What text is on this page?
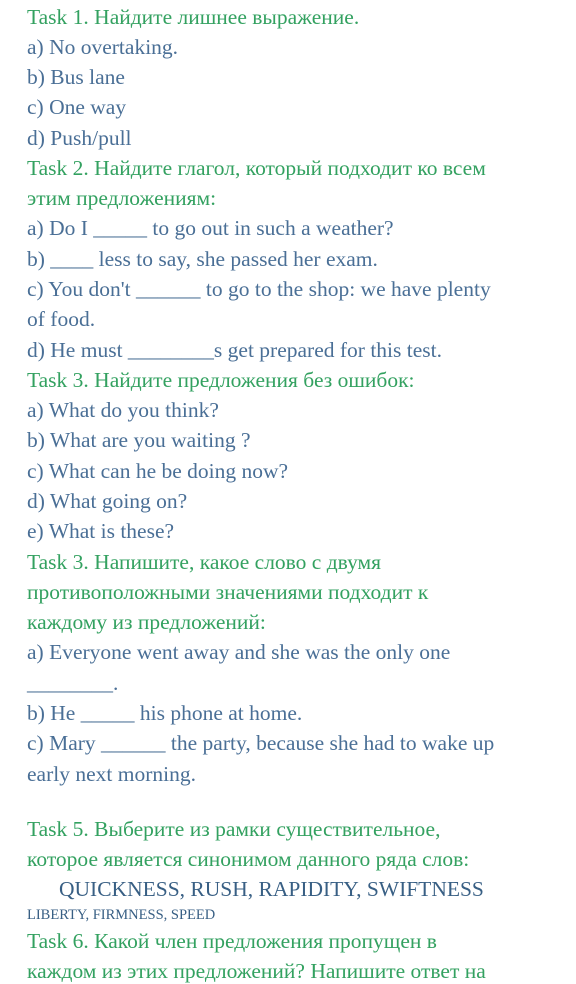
Task 1. Найдите лишнее выражение.
a) No overtaking.
b) Bus lane
c) One way
d) Push/pull
Task 2. Найдите глагол, который подходит ко всем
этим предложениям:
a) Do I _____ to go out in such a weather?
b) ____ less to say, she passed her exam.
c) You don't ______ to go to the shop: we have plenty
of food.
d) He must ________s get prepared for this test.
Task 3. Найдите предложения без ошибок:
a) What do you think?
b) What are you waiting ?
c) What can he be doing now?
d) What going on?
e) What is these?
Task 3. Напишите, какое слово с двумя
противоположными значениями подходит к
каждому из предложений:
a) Everyone went away and she was the only one
________.
b) He _____ his phone at home.
c) Mary ______ the party, because she had to wake up
early next morning.
Task 5. Выберите из рамки существительное,
которое является синонимом данного ряда слов:
QUICKNESS, RUSH, RAPIDITY, SWIFTNESS
LIBERTY, FIRMNESS, SPEED
Task 6. Какой член предложения пропущен в
каждом из этих предложений? Напишите ответ на
